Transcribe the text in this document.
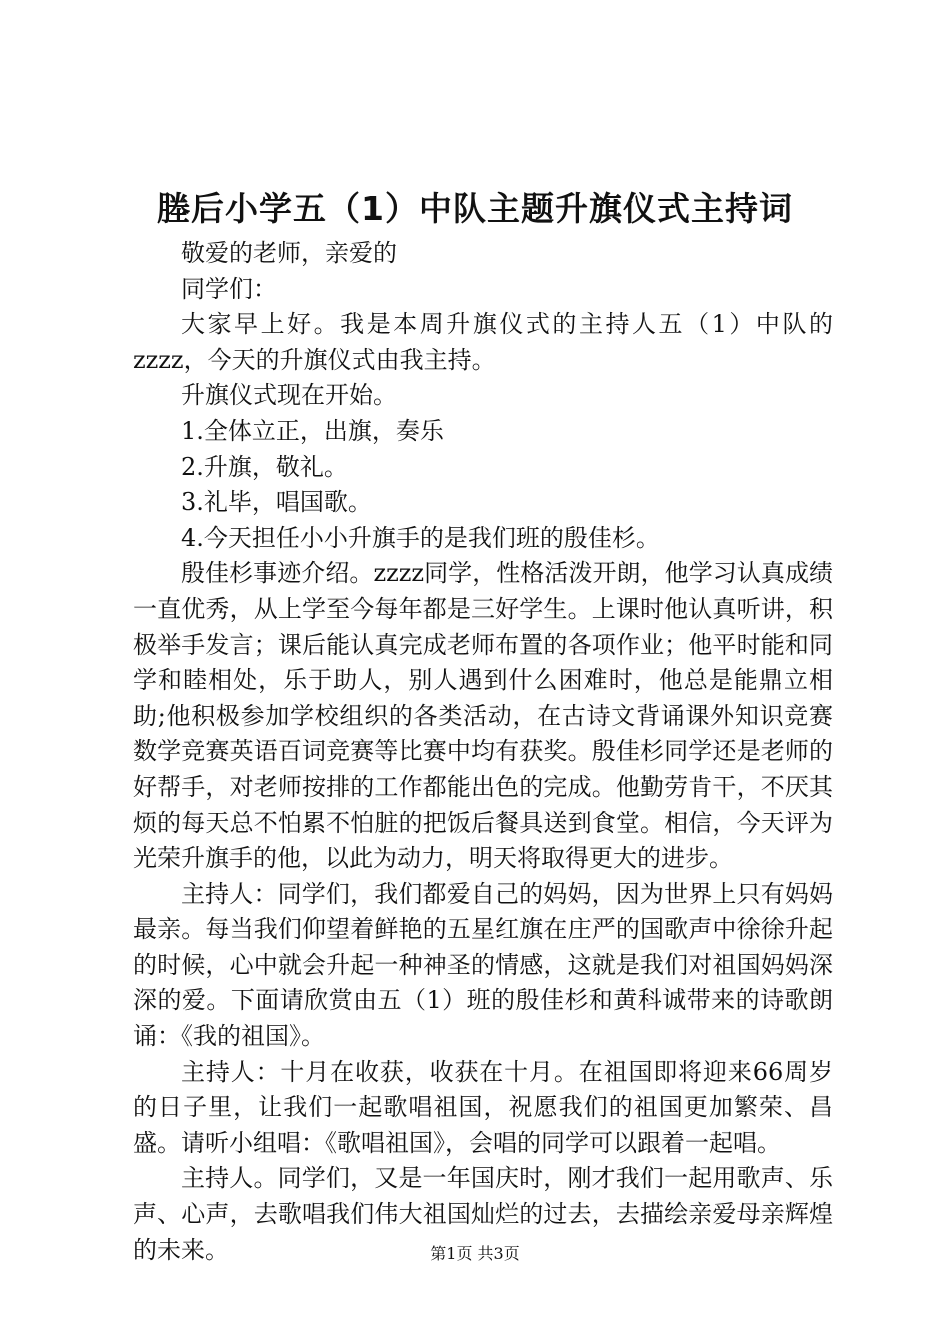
塍后小学五（1）中队主题升旗仪式主持词

敬爱的老师，亲爱的

同学们：

大家早上好。我是本周升旗仪式的主持人五（1）中队的zzzz，今天的升旗仪式由我主持。

升旗仪式现在开始。

1.全体立正，出旗，奏乐

2.升旗，敬礼。

3.礼毕，唱国歌。

4.今天担任小小升旗手的是我们班的殷佳杉。

殷佳杉事迹介绍。zzzz同学，性格活泼开朗，他学习认真成绩一直优秀，从上学至今每年都是三好学生。上课时他认真听讲，积极举手发言；课后能认真完成老师布置的各项作业；他平时能和同学和睦相处，乐于助人，别人遇到什么困难时，他总是能鼎立相助;他积极参加学校组织的各类活动，在古诗文背诵课外知识竞赛数学竞赛英语百词竞赛等比赛中均有获奖。殷佳杉同学还是老师的好帮手，对老师按排的工作都能出色的完成。他勤劳肯干，不厌其烦的每天总不怕累不怕脏的把饭后餐具送到食堂。相信，今天评为光荣升旗手的他，以此为动力，明天将取得更大的进步。

主持人：同学们，我们都爱自己的妈妈，因为世界上只有妈妈最亲。每当我们仰望着鲜艳的五星红旗在庄严的国歌声中徐徐升起的时候，心中就会升起一种神圣的情感，这就是我们对祖国妈妈深深的爱。下面请欣赏由五（1）班的殷佳杉和黄科诚带来的诗歌朗诵：《我的祖国》。

主持人：十月在收获，收获在十月。在祖国即将迎来66周岁的日子里，让我们一起歌唱祖国，祝愿我们的祖国更加繁荣、昌盛。请听小组唱：《歌唱祖国》，会唱的同学可以跟着一起唱。

主持人。同学们，又是一年国庆时，刚才我们一起用歌声、乐声、心声，去歌唱我们伟大祖国灿烂的过去，去描绘亲爱母亲辉煌的未来。	第1页 共3页
